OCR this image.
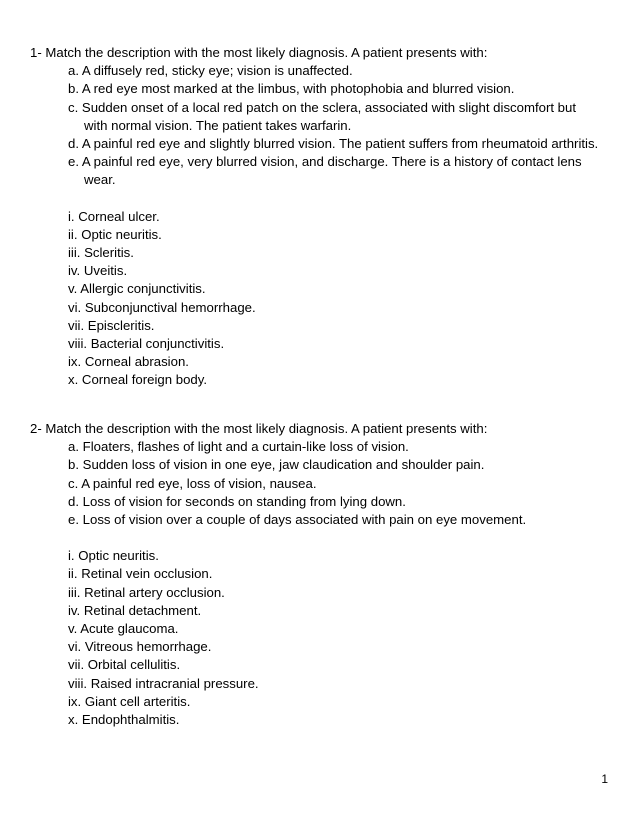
1- Match the description with the most likely diagnosis. A patient presents with:

a. A diffusely red, sticky eye; vision is unaffected.
b. A red eye most marked at the limbus, with photophobia and blurred vision.
c. Sudden onset of a local red patch on the sclera, associated with slight discomfort but with normal vision. The patient takes warfarin.
d. A painful red eye and slightly blurred vision. The patient suffers from rheumatoid arthritis.
e. A painful red eye, very blurred vision, and discharge. There is a history of contact lens wear.
i. Corneal ulcer.
ii. Optic neuritis.
iii. Scleritis.
iv. Uveitis.
v. Allergic conjunctivitis.
vi. Subconjunctival hemorrhage.
vii. Episcleritis.
viii. Bacterial conjunctivitis.
ix. Corneal abrasion.
x. Corneal foreign body.

2- Match the description with the most likely diagnosis. A patient presents with:

a. Floaters, flashes of light and a curtain-like loss of vision.
b. Sudden loss of vision in one eye, jaw claudication and shoulder pain.
c. A painful red eye, loss of vision, nausea.
d. Loss of vision for seconds on standing from lying down.
e. Loss of vision over a couple of days associated with pain on eye movement.
i. Optic neuritis.
ii. Retinal vein occlusion.
iii. Retinal artery occlusion.
iv. Retinal detachment.
v. Acute glaucoma.
vi. Vitreous hemorrhage.
vii. Orbital cellulitis.
viii. Raised intracranial pressure.
ix. Giant cell arteritis.
x. Endophthalmitis.
1
